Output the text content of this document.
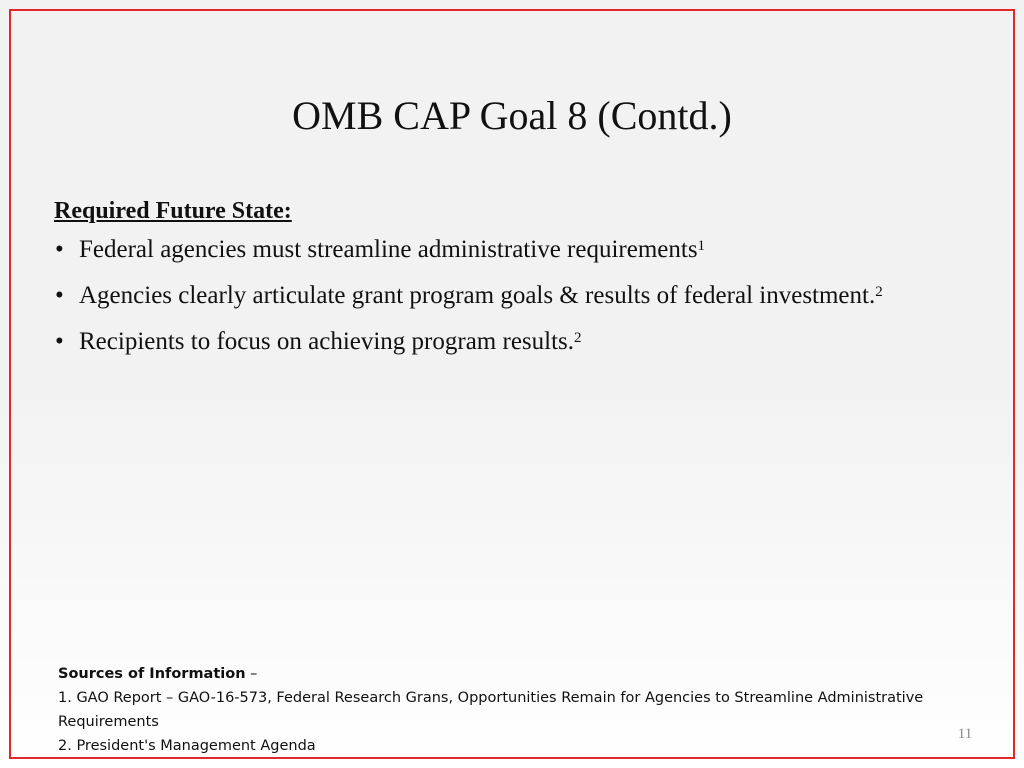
OMB CAP Goal 8 (Contd.)
Required Future State:
• Federal agencies must streamline administrative requirements$^1$
• Agencies clearly articulate grant program goals & results of federal investment.$^2$
• Recipients to focus on achieving program results.$^2$
Sources of Information –
1. GAO Report – GAO-16-573, Federal Research Grans, Opportunities Remain for Agencies to Streamline Administrative Requirements
2. President's Management Agenda
11
